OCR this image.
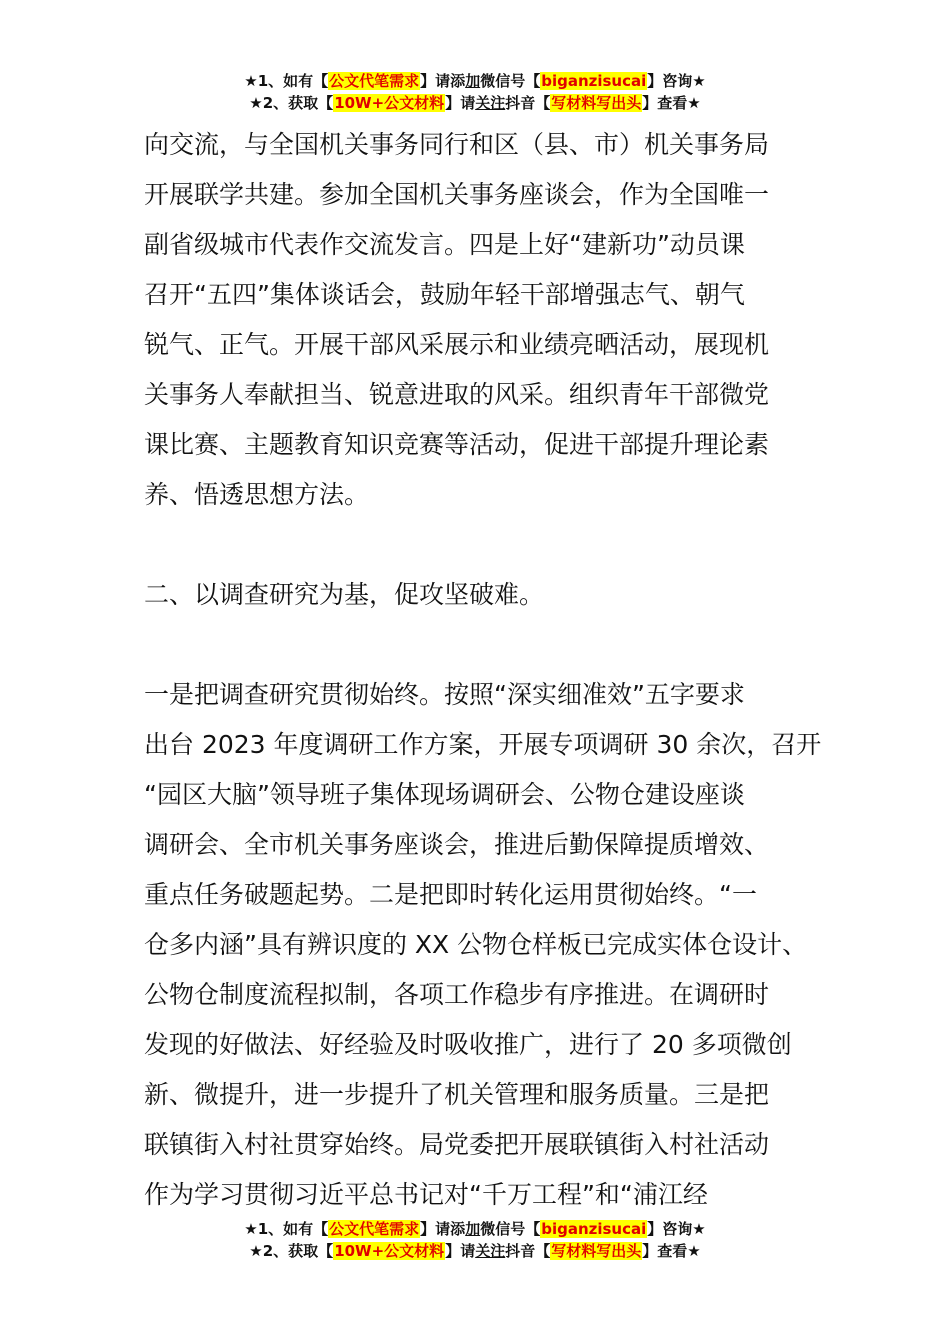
★1、如有【公文代笔需求】请添加微信号【biganzisucai】咨询★
★2、获取【10W+公文材料】请关注抖音【写材料写出头】查看★

向交流，与全国机关事务同行和区（县、市）机关事务局

开展联学共建。参加全国机关事务座谈会，作为全国唯一

副省级城市代表作交流发言。四是上好“建新功”动员课

召开“五四”集体谈话会，鼓励年轻干部增强志气、朝气

锐气、正气。开展干部风采展示和业绩亮晒活动，展现机

关事务人奉献担当、锐意进取的风采。组织青年干部微党

课比赛、主题教育知识竞赛等活动，促进干部提升理论素

养、悟透思想方法。

二、以调查研究为基，促攻坚破难。

一是把调查研究贯彻始终。按照“深实细准效”五字要求

出台 2023 年度调研工作方案，开展专项调研 30 余次，召开

“园区大脑”领导班子集体现场调研会、公物仓建设座谈

调研会、全市机关事务座谈会，推进后勤保障提质增效、

重点任务破题起势。二是把即时转化运用贯彻始终。“一

仓多内涵”具有辨识度的 XX 公物仓样板已完成实体仓设计、

公物仓制度流程拟制，各项工作稳步有序推进。在调研时

发现的好做法、好经验及时吸收推广，进行了 20 多项微创

新、微提升，进一步提升了机关管理和服务质量。三是把

联镇街入村社贯穿始终。局党委把开展联镇街入村社活动

作为学习贯彻习近平总书记对“千万工程”和“浦江经

★1、如有【公文代笔需求】请添加微信号【biganzisucai】咨询★
★2、获取【10W+公文材料】请关注抖音【写材料写出头】查看★
